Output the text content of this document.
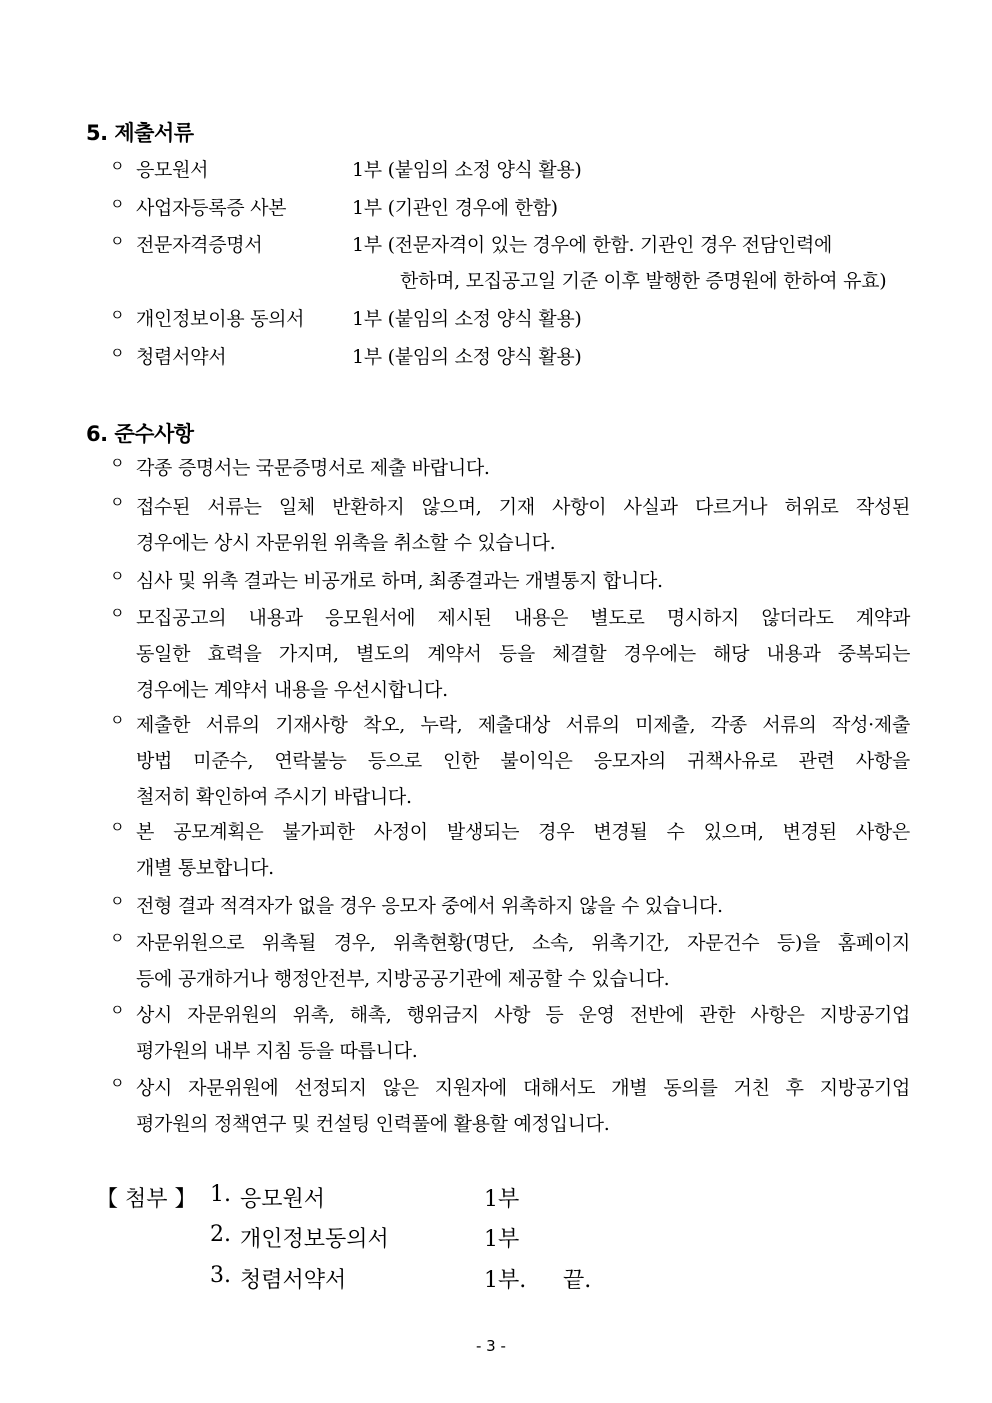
5. 제출서류
ㅇ 응모원서	1부 (붙임의 소정 양식 활용)
ㅇ 사업자등록증 사본	1부 (기관인 경우에 한함)
ㅇ 전문자격증명서	1부 (전문자격이 있는 경우에 한함. 기관인 경우 전담인력에
한하며, 모집공고일 기준 이후 발행한 증명원에 한하여 유효)
ㅇ 개인정보이용 동의서	1부 (붙임의 소정 양식 활용)
ㅇ 청렴서약서	1부 (붙임의 소정 양식 활용)
6. 준수사항
ㅇ 각종 증명서는 국문증명서로 제출 바랍니다.
ㅇ 접수된 서류는 일체 반환하지 않으며, 기재 사항이 사실과 다르거나 허위로 작성된
경우에는 상시 자문위원 위촉을 취소할 수 있습니다.
ㅇ 심사 및 위촉 결과는 비공개로 하며, 최종결과는 개별통지 합니다.
ㅇ 모집공고의 내용과 응모원서에 제시된 내용은 별도로 명시하지 않더라도 계약과
동일한 효력을 가지며, 별도의 계약서 등을 체결할 경우에는 해당 내용과 중복되는
경우에는 계약서 내용을 우선시합니다.
ㅇ 제출한 서류의 기재사항 착오, 누락, 제출대상 서류의 미제출, 각종 서류의 작성·제출
방법 미준수, 연락불능 등으로 인한 불이익은 응모자의 귀책사유로 관련 사항을
철저히 확인하여 주시기 바랍니다.
ㅇ 본 공모계획은 불가피한 사정이 발생되는 경우 변경될 수 있으며, 변경된 사항은
개별 통보합니다.
ㅇ 전형 결과 적격자가 없을 경우 응모자 중에서 위촉하지 않을 수 있습니다.
ㅇ 자문위원으로 위촉될 경우, 위촉현황(명단, 소속, 위촉기간, 자문건수 등)을 홈페이지
등에 공개하거나 행정안전부, 지방공공기관에 제공할 수 있습니다.
ㅇ 상시 자문위원의 위촉, 해촉, 행위금지 사항 등 운영 전반에 관한 사항은 지방공기업
평가원의 내부 지침 등을 따릅니다.
ㅇ 상시 자문위원에 선정되지 않은 지원자에 대해서도 개별 동의를 거친 후 지방공기업
평가원의 정책연구 및 컨설팅 인력풀에 활용할 예정입니다.
【 첨부 】 1. 응모원서	1부
2. 개인정보동의서	1부
3. 청렴서약서	1부. 끝.
- 3 -
